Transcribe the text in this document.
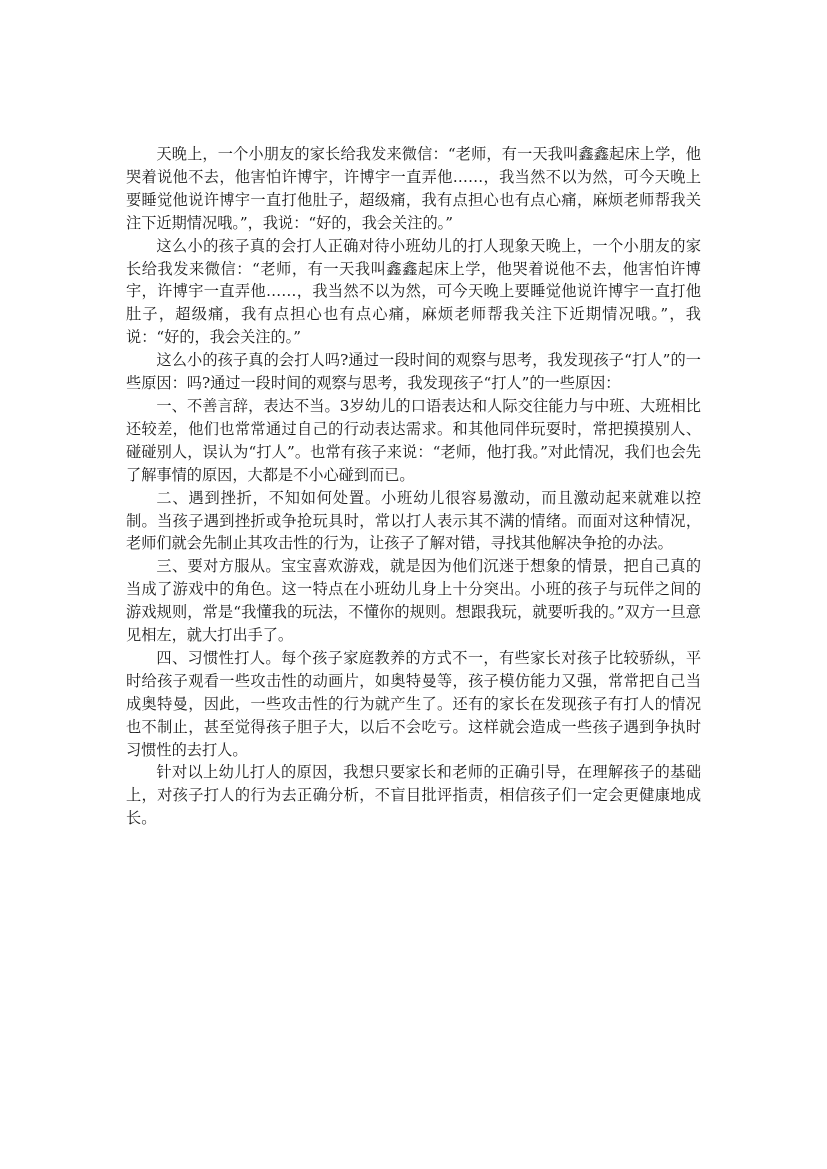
天晚上，一个小朋友的家长给我发来微信：“老师，有一天我叫鑫鑫起床上学，他哭着说他不去，他害怕许博宇，许博宇一直弄他……，我当然不以为然，可今天晚上要睡觉他说许博宇一直打他肚子，超级痛，我有点担心也有点心痛，麻烦老师帮我关注下近期情况哦。”，我说：“好的，我会关注的。”

这么小的孩子真的会打人正确对待小班幼儿的打人现象天晚上，一个小朋友的家长给我发来微信：“老师，有一天我叫鑫鑫起床上学，他哭着说他不去，他害怕许博宇，许博宇一直弄他……，我当然不以为然，可今天晚上要睡觉他说许博宇一直打他肚子，超级痛，我有点担心也有点心痛，麻烦老师帮我关注下近期情况哦。”，我说：“好的，我会关注的。”

这么小的孩子真的会打人吗?通过一段时间的观察与思考，我发现孩子“打人”的一些原因：吗?通过一段时间的观察与思考，我发现孩子“打人”的一些原因：

一、不善言辞，表达不当。3岁幼儿的口语表达和人际交往能力与中班、大班相比还较差，他们也常常通过自己的行动表达需求。和其他同伴玩耍时，常把摸摸别人、碰碰别人，误认为“打人”。也常有孩子来说：“老师，他打我。”对此情况，我们也会先了解事情的原因，大都是不小心碰到而已。

二、遇到挫折，不知如何处置。小班幼儿很容易激动，而且激动起来就难以控制。当孩子遇到挫折或争抢玩具时，常以打人表示其不满的情绪。而面对这种情况，老师们就会先制止其攻击性的行为，让孩子了解对错，寻找其他解决争抢的办法。

三、要对方服从。宝宝喜欢游戏，就是因为他们沉迷于想象的情景，把自己真的当成了游戏中的角色。这一特点在小班幼儿身上十分突出。小班的孩子与玩伴之间的游戏规则，常是“我懂我的玩法，不懂你的规则。想跟我玩，就要听我的。”双方一旦意见相左，就大打出手了。

四、习惯性打人。每个孩子家庭教养的方式不一，有些家长对孩子比较骄纵，平时给孩子观看一些攻击性的动画片，如奥特曼等，孩子模仿能力又强，常常把自己当成奥特曼，因此，一些攻击性的行为就产生了。还有的家长在发现孩子有打人的情况也不制止，甚至觉得孩子胆子大，以后不会吃亏。这样就会造成一些孩子遇到争执时习惯性的去打人。

针对以上幼儿打人的原因，我想只要家长和老师的正确引导，在理解孩子的基础上，对孩子打人的行为去正确分析，不盲目批评指责，相信孩子们一定会更健康地成长。
